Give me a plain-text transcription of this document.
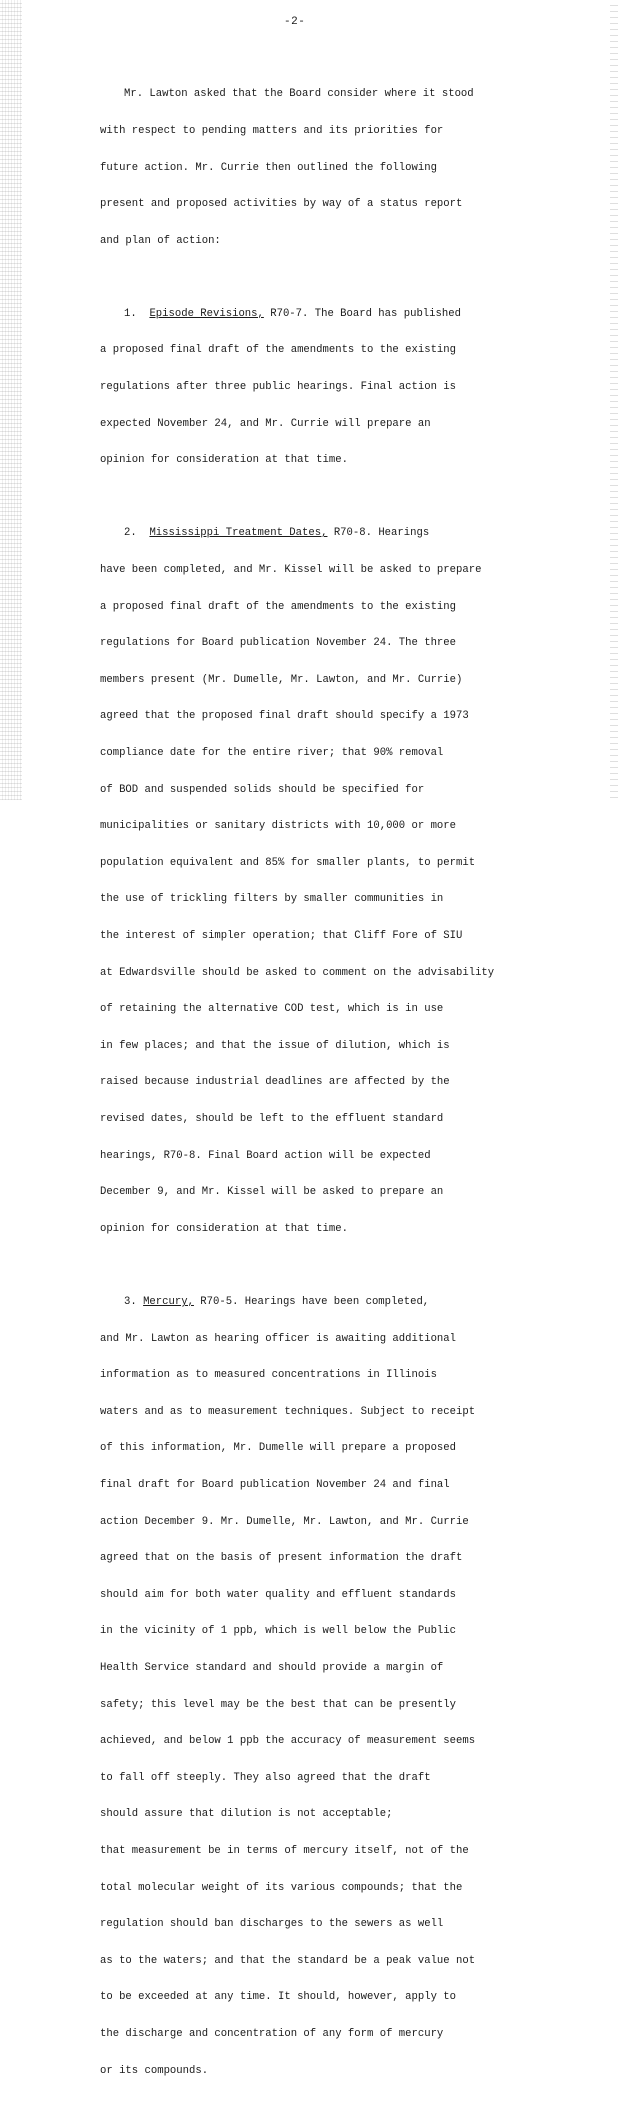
-2-

Mr. Lawton asked that the Board consider where it stood

with respect to pending matters and its priorities for

future action. Mr. Currie then outlined the following

present and proposed activities by way of a status report

and plan of action:

1. Episode Revisions, R70-7. The Board has published

a proposed final draft of the amendments to the existing

regulations after three public hearings. Final action is

expected November 24, and Mr. Currie will prepare an

opinion for consideration at that time.

2. Mississippi Treatment Dates, R70-8. Hearings

have been completed, and Mr. Kissel will be asked to prepare

a proposed final draft of the amendments to the existing

regulations for Board publication November 24. The three

members present (Mr. Dumelle, Mr. Lawton, and Mr. Currie)

agreed that the proposed final draft should specify a 1973

compliance date for the entire river; that 90% removal

of BOD and suspended solids should be specified for

municipalities or sanitary districts with 10,000 or more

population equivalent and 85% for smaller plants, to permit

the use of trickling filters by smaller communities in

the interest of simpler operation; that Cliff Fore of SIU

at Edwardsville should be asked to comment on the advisability

of retaining the alternative COD test, which is in use

in few places; and that the issue of dilution, which is

raised because industrial deadlines are affected by the

revised dates, should be left to the effluent standard

hearings, R70-8. Final Board action will be expected

December 9, and Mr. Kissel will be asked to prepare an

opinion for consideration at that time.

3. Mercury, R70-5. Hearings have been completed,

and Mr. Lawton as hearing officer is awaiting additional

information as to measured concentrations in Illinois

waters and as to measurement techniques. Subject to receipt

of this information, Mr. Dumelle will prepare a proposed

final draft for Board publication November 24 and final

action December 9. Mr. Dumelle, Mr. Lawton, and Mr. Currie

agreed that on the basis of present information the draft

should aim for both water quality and effluent standards

in the vicinity of 1 ppb, which is well below the Public

Health Service standard and should provide a margin of

safety; this level may be the best that can be presently

achieved, and below 1 ppb the accuracy of measurement seems

to fall off steeply. They also agreed that the draft

should assure that dilution is not acceptable;

that measurement be in terms of mercury itself, not of the

total molecular weight of its various compounds; that the

regulation should ban discharges to the sewers as well

as to the waters; and that the standard be a peak value not

to be exceeded at any time. It should, however, apply to

the discharge and concentration of any form of mercury

or its compounds.
